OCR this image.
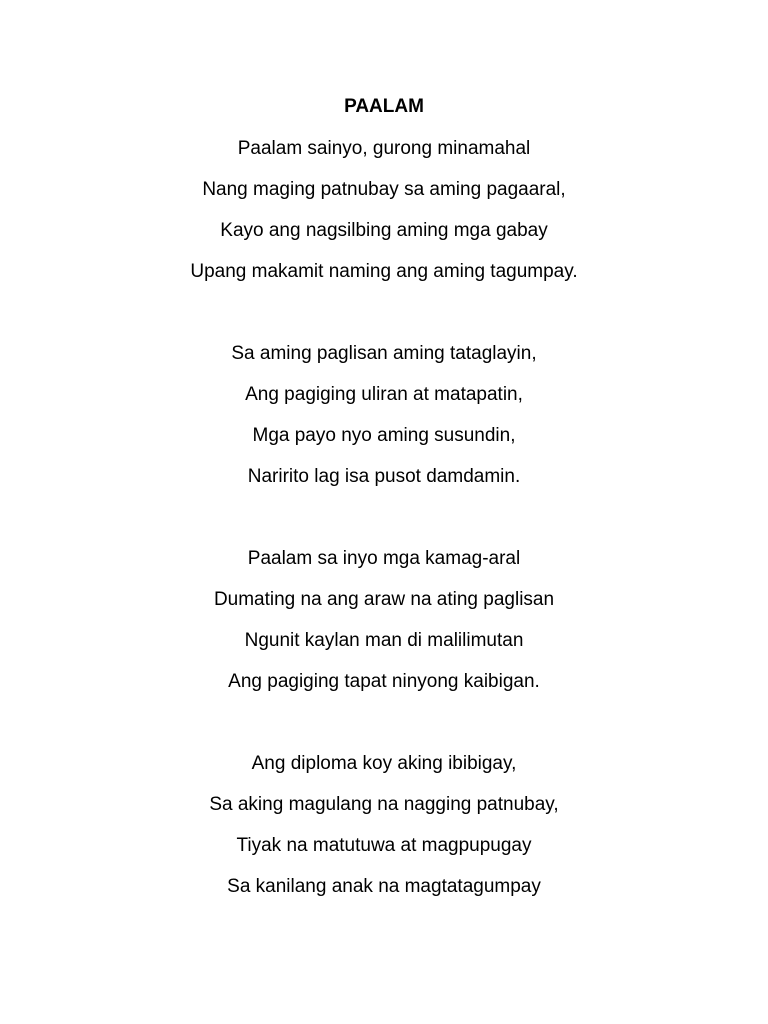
PAALAM
Paalam sainyo, gurong minamahal
Nang maging patnubay sa aming pagaaral,
Kayo ang nagsilbing aming mga gabay
Upang makamit naming ang aming tagumpay.
Sa aming paglisan aming tataglayin,
Ang pagiging uliran at matapatin,
Mga payo nyo aming susundin,
Naririto lag isa pusot damdamin.
Paalam sa inyo mga kamag-aral
Dumating na ang araw na ating paglisan
Ngunit kaylan man di malilimutan
Ang pagiging tapat ninyong kaibigan.
Ang diploma koy aking ibibigay,
Sa aking magulang na nagging patnubay,
Tiyak na matutuwa at magpupugay
Sa kanilang anak na magtatagumpay
